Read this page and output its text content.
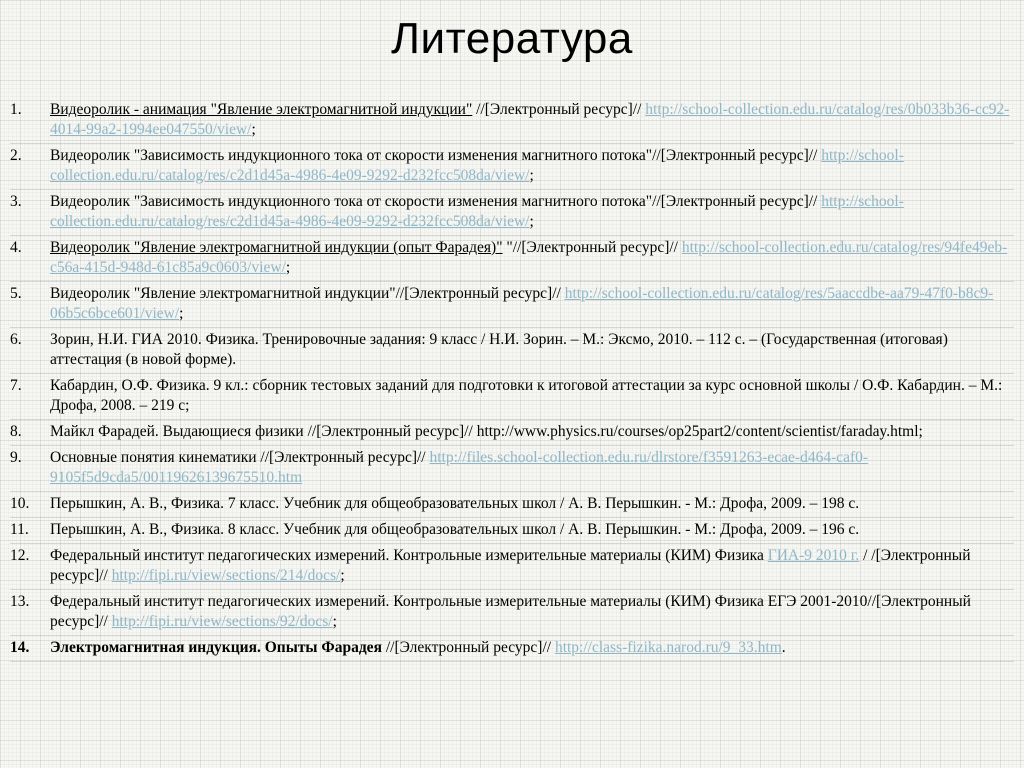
Литература
1.	Видеоролик - анимация "Явление электромагнитной индукции" //[Электронный ресурс]// http://school-collection.edu.ru/catalog/res/0b033b36-cc92-4014-99a2-1994ee047550/view/;
2.	Видеоролик "Зависимость индукционного тока от скорости изменения магнитного потока"//[Электронный ресурс]// http://school-collection.edu.ru/catalog/res/c2d1d45a-4986-4e09-9292-d232fcc508da/view/;
3.	Видеоролик "Зависимость индукционного тока от скорости изменения магнитного потока"//[Электронный ресурс]// http://school-collection.edu.ru/catalog/res/c2d1d45a-4986-4e09-9292-d232fcc508da/view/;
4.	Видеоролик "Явление электромагнитной индукции (опыт Фарадея)" "//[Электронный ресурс]// http://school-collection.edu.ru/catalog/res/94fe49eb-c56a-415d-948d-61c85a9c0603/view/;
5.	Видеоролик "Явление электромагнитной индукции"//[Электронный ресурс]// http://school-collection.edu.ru/catalog/res/5aaccdbe-aa79-47f0-b8c9-06b5c6bce601/view/;
6.	Зорин, Н.И. ГИА 2010. Физика. Тренировочные задания: 9 класс / Н.И. Зорин. – М.: Эксмо, 2010. – 112 с. – (Государственная (итоговая) аттестация (в новой форме).
7.	Кабардин, О.Ф. Физика. 9 кл.: сборник тестовых заданий для подготовки к итоговой аттестации за курс основной школы / О.Ф. Кабардин. – М.: Дрофа, 2008. – 219 с;
8.	Майкл Фарадей. Выдающиеся физики //[Электронный ресурс]// http://www.physics.ru/courses/op25part2/content/scientist/faraday.html;
9.	Основные понятия кинематики //[Электронный ресурс]// http://files.school-collection.edu.ru/dlrstore/f3591263-ecae-d464-caf0-9105f5d9cda5/00119626139675510.htm
10.	Перышкин, А. В., Физика. 7 класс. Учебник для общеобразовательных школ / А. В. Перышкин. - М.: Дрофа, 2009. – 198 с.
11.	Перышкин, А. В., Физика. 8 класс. Учебник для общеобразовательных школ / А. В. Перышкин. - М.: Дрофа, 2009. – 196 с.
12.	Федеральный институт педагогических измерений. Контрольные измерительные материалы (КИМ) Физика ГИА-9 2010 г. / /[Электронный ресурс]// http://fipi.ru/view/sections/214/docs/;
13.	Федеральный институт педагогических измерений. Контрольные измерительные материалы (КИМ) Физика ЕГЭ 2001-2010//[Электронный ресурс]// http://fipi.ru/view/sections/92/docs/;
14.	Электромагнитная индукция. Опыты Фарадея //[Электронный ресурс]// http://class-fizika.narod.ru/9_33.htm.
